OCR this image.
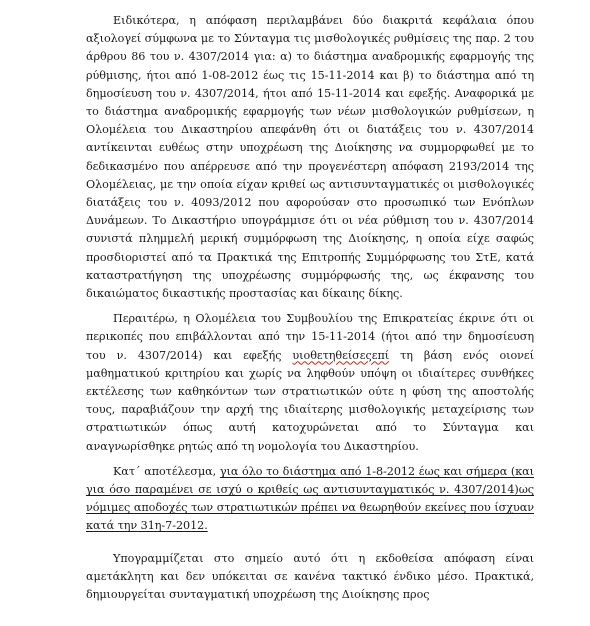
Ειδικότερα, η απόφαση περιλαμβάνει δύο διακριτά κεφάλαια όπου αξιολογεί σύμφωνα με το Σύνταγμα τις μισθολογικές ρυθμίσεις της παρ. 2 του άρθρου 86 του ν. 4307/2014 για: α) το διάστημα αναδρομικής εφαρμογής της ρύθμισης, ήτοι από 1-08-2012 έως τις 15-11-2014 και β) το διάστημα από τη δημοσίευση του ν. 4307/2014, ήτοι από 15-11-2014 και εφεξής. Αναφορικά με το διάστημα αναδρομικής εφαρμογής των νέων μισθολογικών ρυθμίσεων, η Ολομέλεια του Δικαστηρίου απεφάνθη ότι οι διατάξεις του ν. 4307/2014 αντίκεινται ευθέως στην υποχρέωση της Διοίκησης να συμμορφωθεί με το δεδικασμένο που απέρρευσε από την προγενέστερη απόφαση 2193/2014 της Ολομέλειας, με την οποία είχαν κριθεί ως αντισυνταγματικές οι μισθολογικές διατάξεις του ν. 4093/2012 που αφορούσαν στο προσωπικό των Ενόπλων Δυνάμεων. Το Δικαστήριο υπογράμμισε ότι οι νέα ρύθμιση του ν. 4307/2014 συνιστά πλημμελή μερική συμμόρφωση της Διοίκησης, η οποία είχε σαφώς προσδιοριστεί από τα Πρακτικά της Επιτροπής Συμμόρφωσης του ΣτΕ, κατά καταστρατήγηση της υποχρέωσης συμμόρφωσής της, ως έκφανσης του δικαιώματος δικαστικής προστασίας και δίκαιης δίκης.

Περαιτέρω, η Ολομέλεια του Συμβουλίου της Επικρατείας έκρινε ότι οι περικοπές που επιβάλλονται από την 15-11-2014 (ήτοι από την δημοσίευση του ν. 4307/2014) και εφεξής υιοθετηθείσεςεπί τη βάση ενός οιονεί μαθηματικού κριτηρίου και χωρίς να ληφθούν υπόψη οι ιδιαίτερες συνθήκες εκτέλεσης των καθηκόντων των στρατιωτικών ούτε η φύση της αποστολής τους, παραβιάζουν την αρχή της ιδιαίτερης μισθολογικής μεταχείρισης των στρατιωτικών όπως αυτή κατοχυρώνεται από το Σύνταγμα και αναγνωρίσθηκε ρητώς από τη νομολογία του Δικαστηρίου.

Κατ΄ αποτέλεσμα, για όλο το διάστημα από 1-8-2012 έως και σήμερα (και για όσο παραμένει σε ισχύ ο κριθείς ως αντισυνταγματικός ν. 4307/2014)ως νόμιμες αποδοχές των στρατιωτικών πρέπει να θεωρηθούν εκείνες που ίσχυαν κατά την 31η-7-2012.

Υπογραμμίζεται στο σημείο αυτό ότι η εκδοθείσα απόφαση είναι αμετάκλητη και δεν υπόκειται σε κανένα τακτικό ένδικο μέσο. Πρακτικά, δημιουργείται συνταγματική υποχρέωση της Διοίκησης προς
